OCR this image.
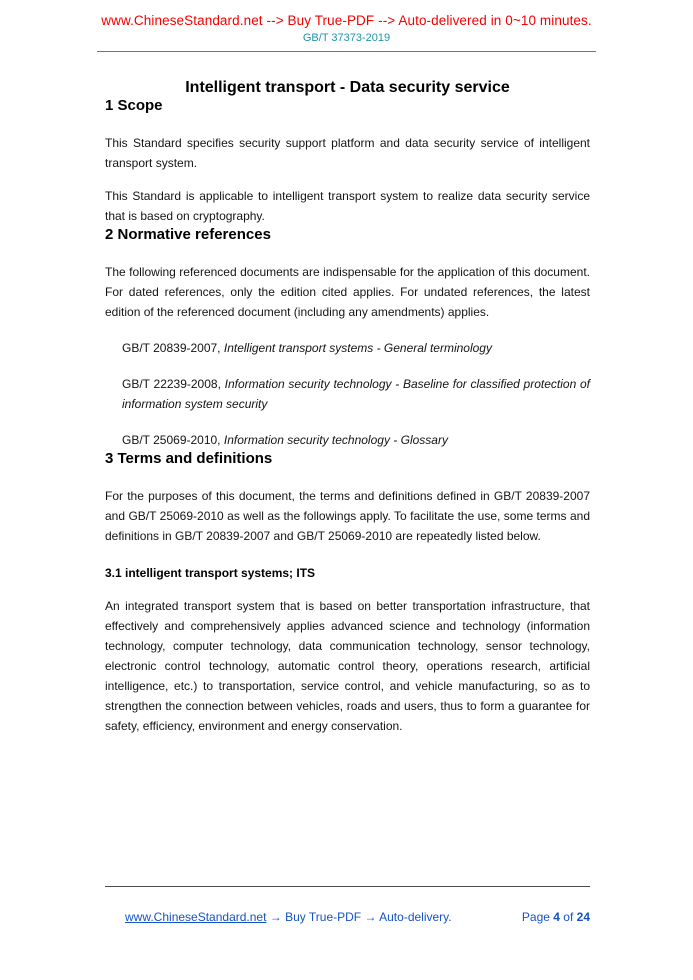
www.ChineseStandard.net --> Buy True-PDF --> Auto-delivered in 0~10 minutes.
GB/T 37373-2019
Intelligent transport - Data security service
1 Scope

This Standard specifies security support platform and data security service of intelligent transport system.

This Standard is applicable to intelligent transport system to realize data security service that is based on cryptography.

2 Normative references

The following referenced documents are indispensable for the application of this document. For dated references, only the edition cited applies. For undated references, the latest edition of the referenced document (including any amendments) applies.

GB/T 20839-2007, Intelligent transport systems - General terminology

GB/T 22239-2008, Information security technology - Baseline for classified protection of information system security

GB/T 25069-2010, Information security technology - Glossary

3 Terms and definitions

For the purposes of this document, the terms and definitions defined in GB/T 20839-2007 and GB/T 25069-2010 as well as the followings apply. To facilitate the use, some terms and definitions in GB/T 20839-2007 and GB/T 25069-2010 are repeatedly listed below.

3.1 intelligent transport systems; ITS

An integrated transport system that is based on better transportation infrastructure, that effectively and comprehensively applies advanced science and technology (information technology, computer technology, data communication technology, sensor technology, electronic control technology, automatic control theory, operations research, artificial intelligence, etc.) to transportation, service control, and vehicle manufacturing, so as to strengthen the connection between vehicles, roads and users, thus to form a guarantee for safety, efficiency, environment and energy conservation.

www.ChineseStandard.net → Buy True-PDF → Auto-delivery.
	Page 4 of 24
